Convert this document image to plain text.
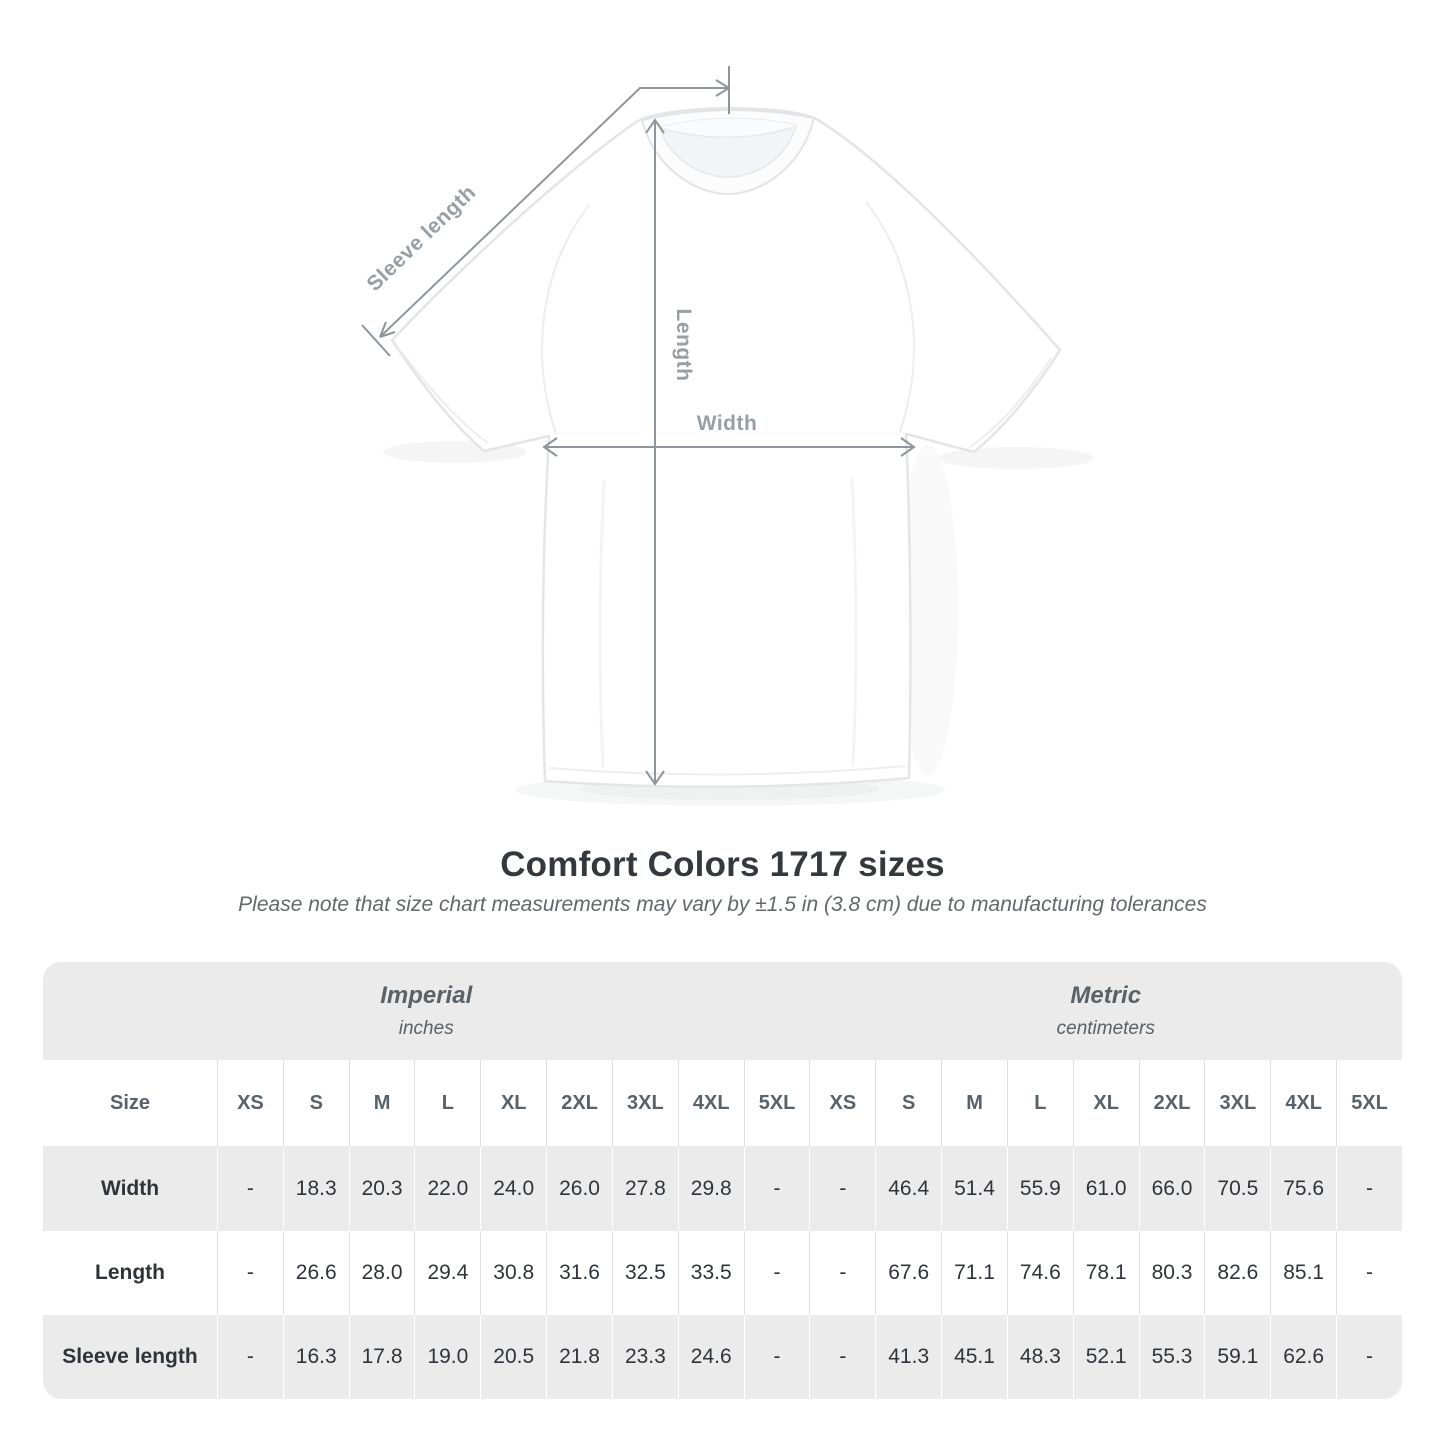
Sleeve length
Length
Width
Comfort Colors 1717 sizes
Please note that size chart measurements may vary by ±1.5 in (3.8 cm) due to manufacturing tolerances
Imperial
inches

Metric
centimeters

Size	XS	S	M	L	XL	2XL	3XL	4XL	5XL	XS	S	M	L	XL	2XL	3XL	4XL	5XL
Width	-	18.3	20.3	22.0	24.0	26.0	27.8	29.8	-	-	46.4	51.4	55.9	61.0	66.0	70.5	75.6	-
Length	-	26.6	28.0	29.4	30.8	31.6	32.5	33.5	-	-	67.6	71.1	74.6	78.1	80.3	82.6	85.1	-
Sleeve length	-	16.3	17.8	19.0	20.5	21.8	23.3	24.6	-	-	41.3	45.1	48.3	52.1	55.3	59.1	62.6	-
